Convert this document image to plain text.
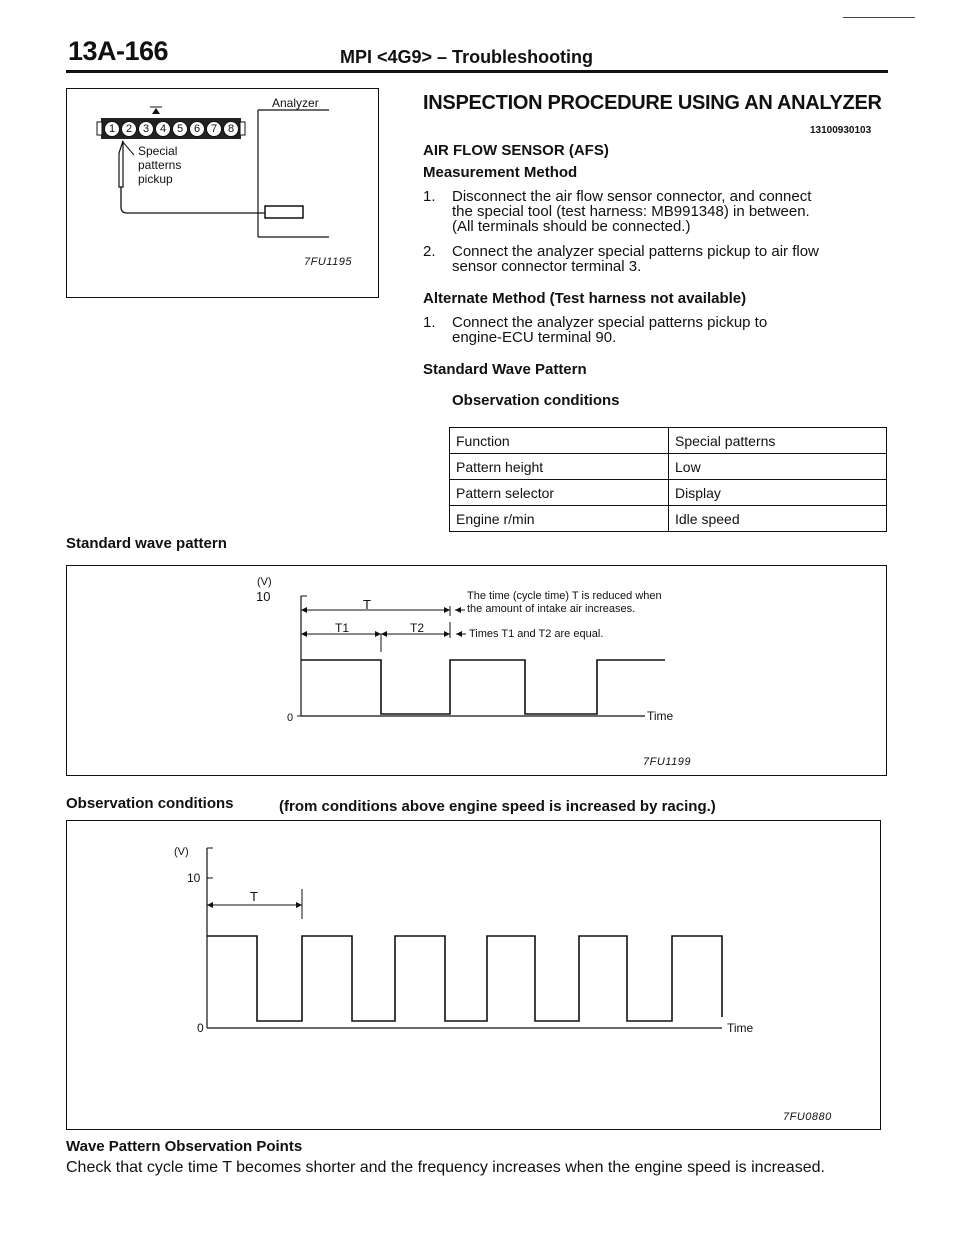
13A-166	MPI <4G9> – Troubleshooting
1 2 3 4 5 6 7 8
Analyzer
Special
patterns
pickup
7FU1195
INSPECTION PROCEDURE USING AN ANALYZER
13100930103
AIR FLOW SENSOR (AFS)
Measurement Method
1. Disconnect the air flow sensor connector, and connect
the special tool (test harness: MB991348) in between.
(All terminals should be connected.)
2. Connect the analyzer special patterns pickup to air flow
sensor connector terminal 3.
Alternate Method (Test harness not available)
1. Connect the analyzer special patterns pickup to
engine-ECU terminal 90.
Standard Wave Pattern
Observation conditions
Function	Special patterns
Pattern height	Low
Pattern selector	Display
Engine r/min	Idle speed
Standard wave pattern
(V)
10
0
T
T1	T2
The time (cycle time) T is reduced when
the amount of intake air increases.
Times T1 and T2 are equal.
Time
7FU1199
Observation conditions	(from conditions above engine speed is increased by racing.)
Wave Pattern Observation Points
Check that cycle time T becomes shorter and the frequency increases when the engine speed is increased.
(V)
10
0
T
Time
7FU0880
